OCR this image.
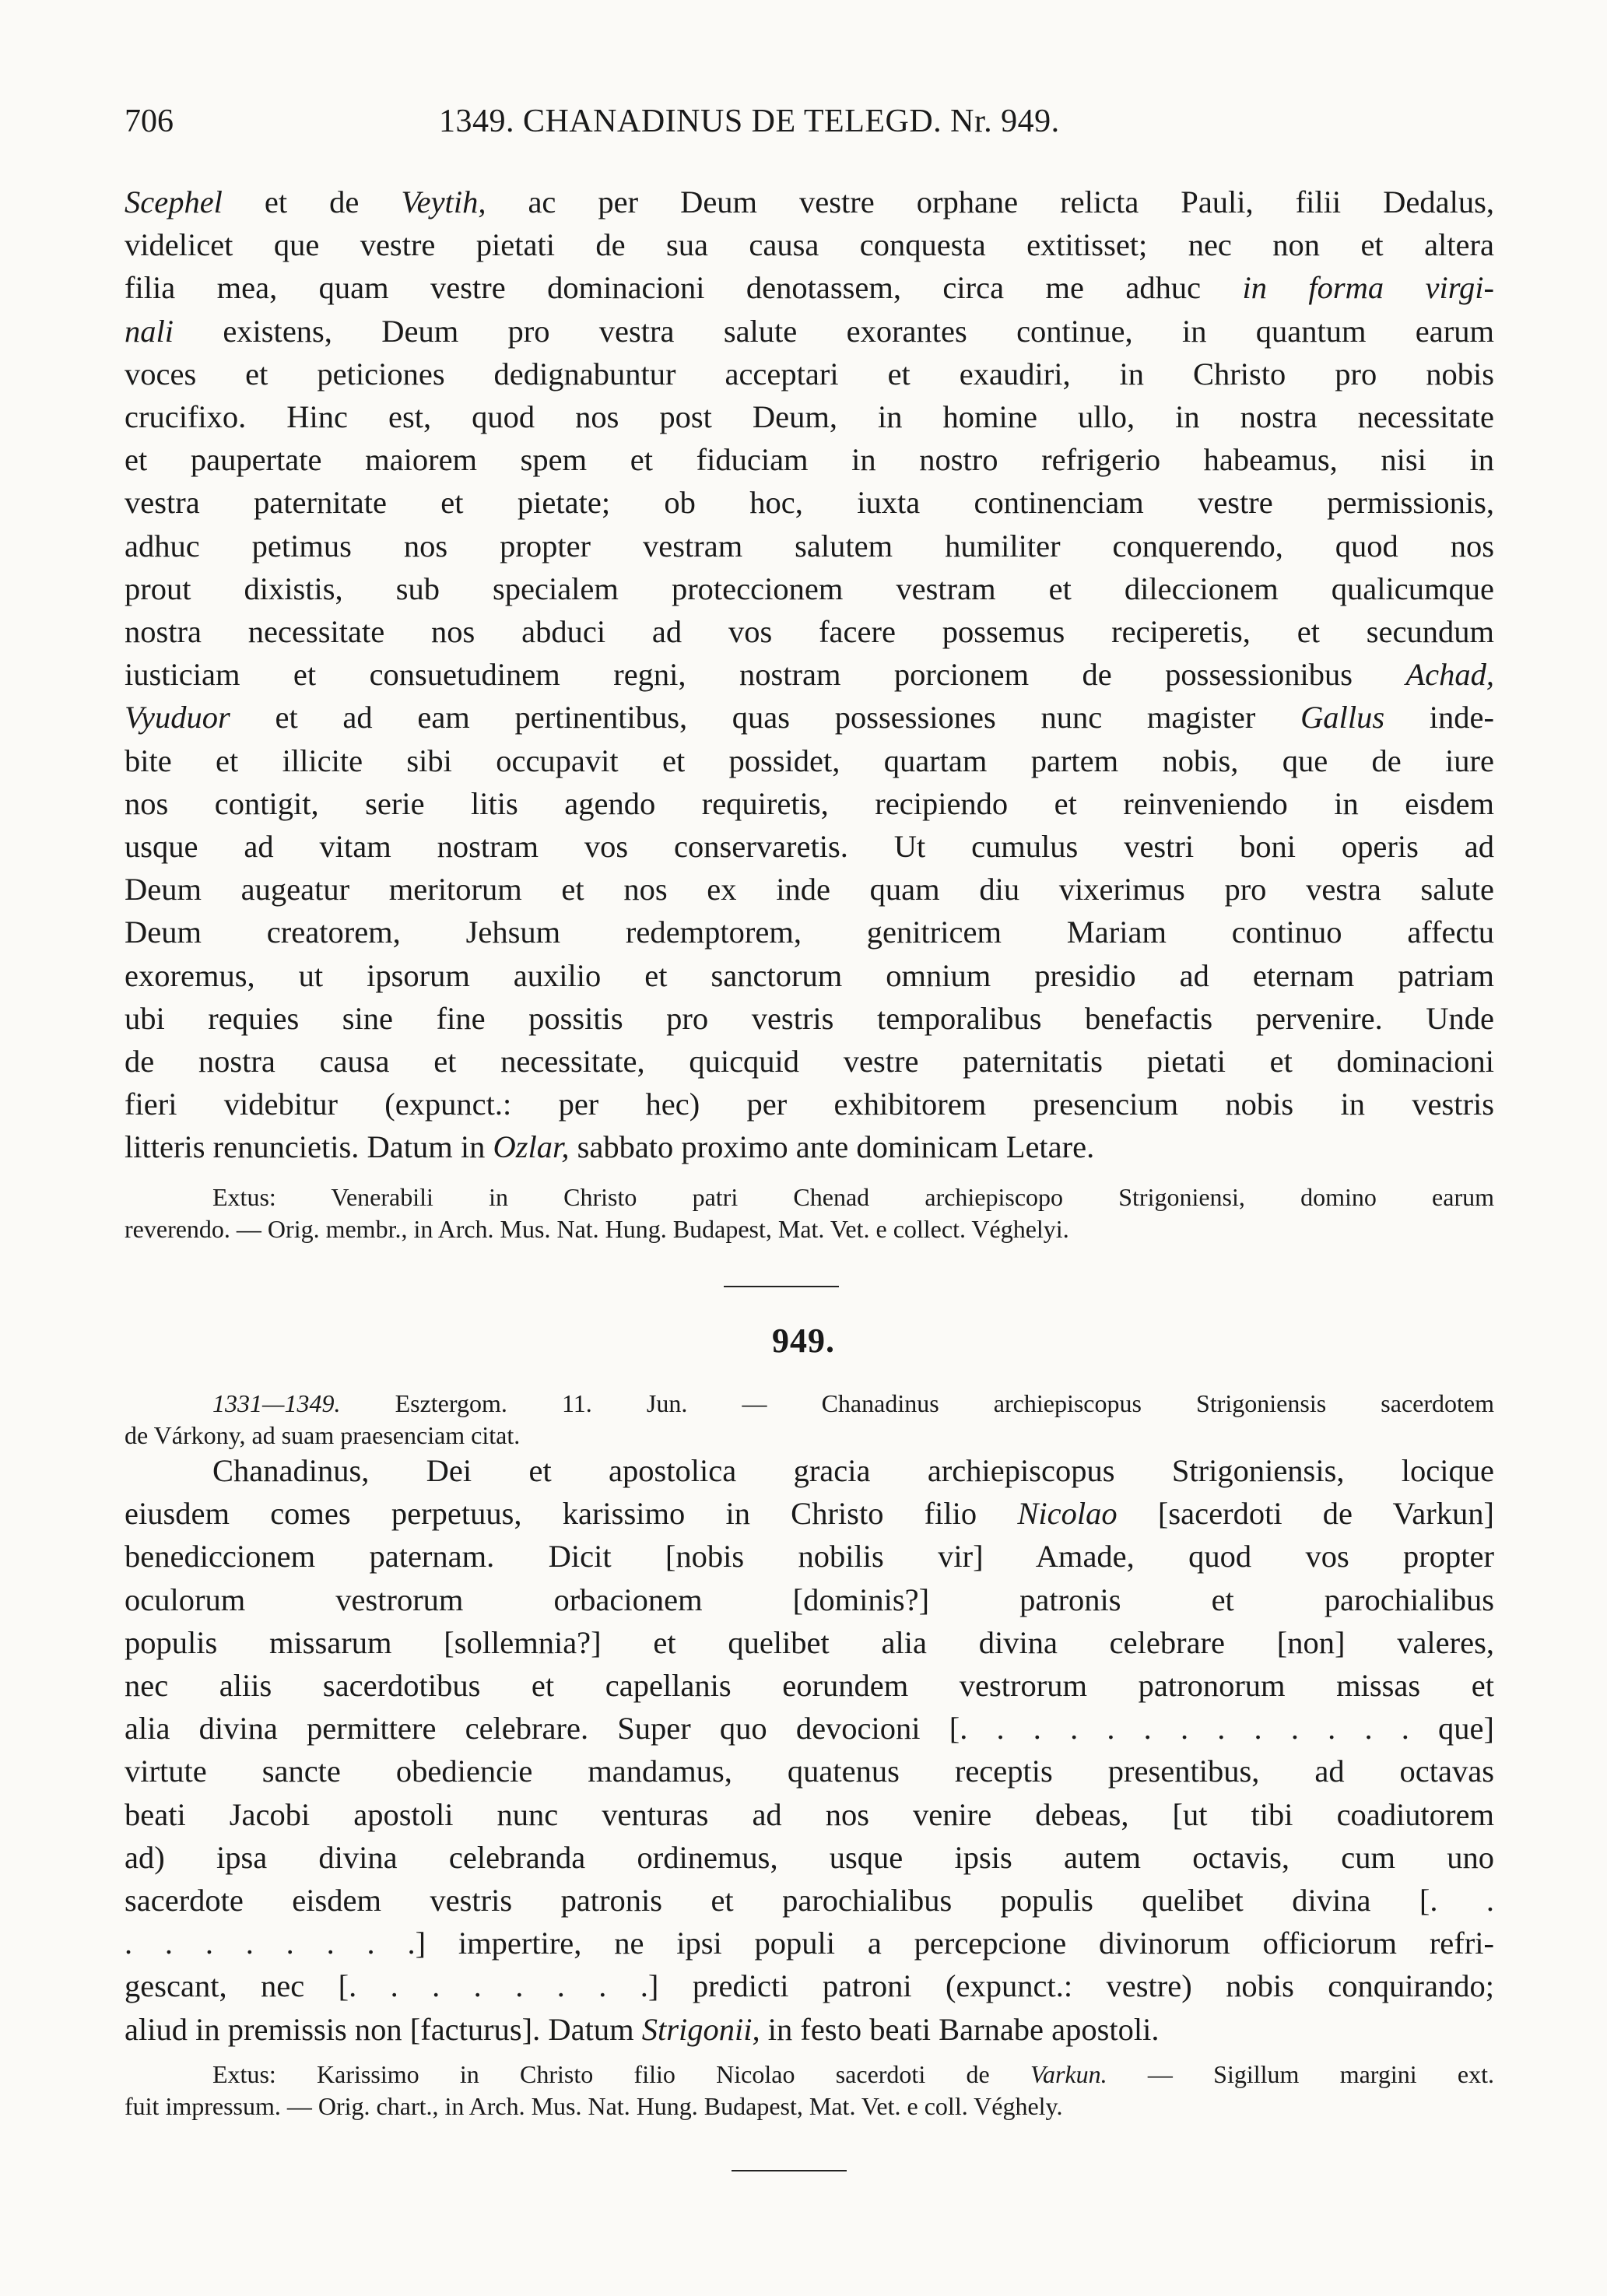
706	1349. CHANADINUS DE TELEGD. Nr. 949.
Scephel et de Veytih, ac per Deum vestre orphane relicta Pauli, filii Dedalus,
videlicet que vestre pietati de sua causa conquesta extitisset; nec non et altera
filia mea, quam vestre dominacioni denotassem, circa me adhuc in forma virgi-
nali existens, Deum pro vestra salute exorantes continue, in quantum earum
voces et peticiones dedignabuntur acceptari et exaudiri, in Christo pro nobis
crucifixo. Hinc est, quod nos post Deum, in homine ullo, in nostra necessitate
et paupertate maiorem spem et fiduciam in nostro refrigerio habeamus, nisi in
vestra paternitate et pietate; ob hoc, iuxta continenciam vestre permissionis,
adhuc petimus nos propter vestram salutem humiliter conquerendo, quod nos
prout dixistis, sub specialem proteccionem vestram et dileccionem qualicumque
nostra necessitate nos abduci ad vos facere possemus reciperetis, et secundum
iusticiam et consuetudinem regni, nostram porcionem de possessionibus Achad,
Vyuduor et ad eam pertinentibus, quas possessiones nunc magister Gallus inde-
bite et illicite sibi occupavit et possidet, quartam partem nobis, que de iure
nos contigit, serie litis agendo requiretis, recipiendo et reinveniendo in eisdem
usque ad vitam nostram vos conservaretis. Ut cumulus vestri boni operis ad
Deum augeatur meritorum et nos ex inde quam diu vixerimus pro vestra salute
Deum creatorem, Jehsum redemptorem, genitricem Mariam continuo affectu
exoremus, ut ipsorum auxilio et sanctorum omnium presidio ad eternam patriam
ubi requies sine fine possitis pro vestris temporalibus benefactis pervenire. Unde
de nostra causa et necessitate, quicquid vestre paternitatis pietati et dominacioni
fieri videbitur (expunct.: per hec) per exhibitorem presencium nobis in vestris
litteris renuncietis. Datum in Ozlar, sabbato proximo ante dominicam Letare.
Extus: Venerabili in Christo patri Chenad archiepiscopo Strigoniensi, domino earum
reverendo. — Orig. membr., in Arch. Mus. Nat. Hung. Budapest, Mat. Vet. e collect. Véghelyi.
949.
1331—1349. Esztergom. 11. Jun. — Chanadinus archiepiscopus Strigoniensis sacerdotem
de Várkony, ad suam praesenciam citat.
Chanadinus, Dei et apostolica gracia archiepiscopus Strigoniensis, locique
eiusdem comes perpetuus, karissimo in Christo filio Nicolao [sacerdoti de Varkun]
benediccionem paternam. Dicit [nobis nobilis vir] Amade, quod vos propter
oculorum vestrorum orbacionem [dominis?] patronis et parochialibus
populis missarum [sollemnia?] et quelibet alia divina celebrare [non] valeres,
nec aliis sacerdotibus et capellanis eorundem vestrorum patronorum missas et
alia divina permittere celebrare. Super quo devocioni [. . . . . . . . . . . . . que]
virtute sancte obediencie mandamus, quatenus receptis presentibus, ad octavas
beati Jacobi apostoli nunc venturas ad nos venire debeas, [ut tibi coadiutorem
ad) ipsa divina celebranda ordinemus, usque ipsis autem octavis, cum uno
sacerdote eisdem vestris patronis et parochialibus populis quelibet divina [. .
. . . . . . . .] impertire, ne ipsi populi a percepcione divinorum officiorum refri-
gescant, nec [. . . . . . . .] predicti patroni (expunct.: vestre) nobis conquirando;
aliud in premissis non [facturus]. Datum Strigonii, in festo beati Barnabe apostoli.
Extus: Karissimo in Christo filio Nicolao sacerdoti de Varkun. — Sigillum margini ext.
fuit impressum. — Orig. chart., in Arch. Mus. Nat. Hung. Budapest, Mat. Vet. e coll. Véghely.
